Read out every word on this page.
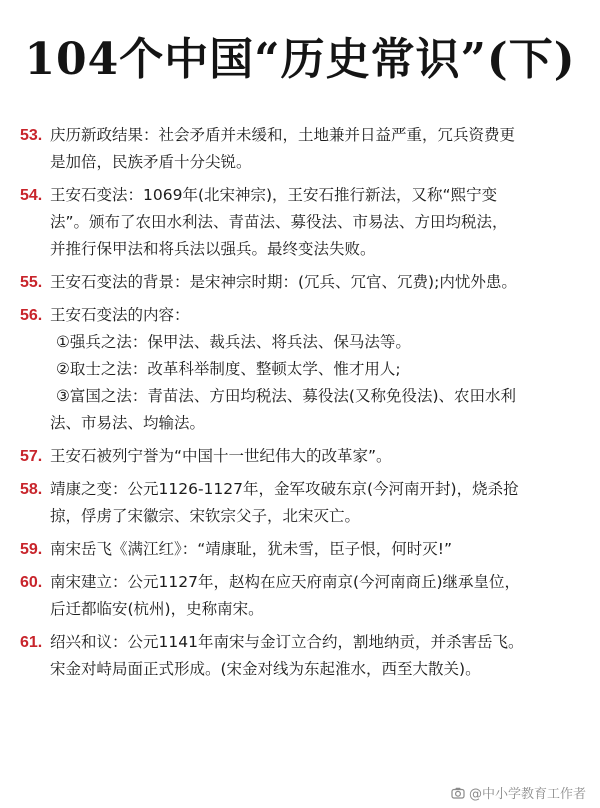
104个中国“历史常识”(下)
53. 庆历新政结果：社会矛盾并未缓和，土地兼并日益严重，冗兵资费更
是加倍，民族矛盾十分尖锐。
54. 王安石变法：1069年(北宋神宗)，王安石推行新法，又称“熙宁变
法”。颁布了农田水利法、青苗法、募役法、市易法、方田均税法，
并推行保甲法和将兵法以强兵。最终变法失败。
55. 王安石变法的背景：是宋神宗时期：(冗兵、冗官、冗费);内忧外患。
56. 王安石变法的内容：
①强兵之法：保甲法、裁兵法、将兵法、保马法等。
②取士之法：改革科举制度、整顿太学、惟才用人;
③富国之法：青苗法、方田均税法、募役法(又称免役法)、农田水利
法、市易法、均输法。
57. 王安石被列宁誉为“中国十一世纪伟大的改革家”。
58. 靖康之变：公元1126-1127年，金军攻破东京(今河南开封)，烧杀抢
掠，俘虏了宋徽宗、宋钦宗父子，北宋灭亡。
59. 南宋岳飞《满江红》：“靖康耻，犹未雪，臣子恨，何时灭!”
60. 南宋建立：公元1127年，赵构在应天府南京(今河南商丘)继承皇位，
后迁都临安(杭州)，史称南宋。
61. 绍兴和议：公元1141年南宋与金订立合约，割地纳贡，并杀害岳飞。
宋金对峙局面正式形成。(宋金对线为东起淮水，西至大散关)。
@中小学教育工作者
